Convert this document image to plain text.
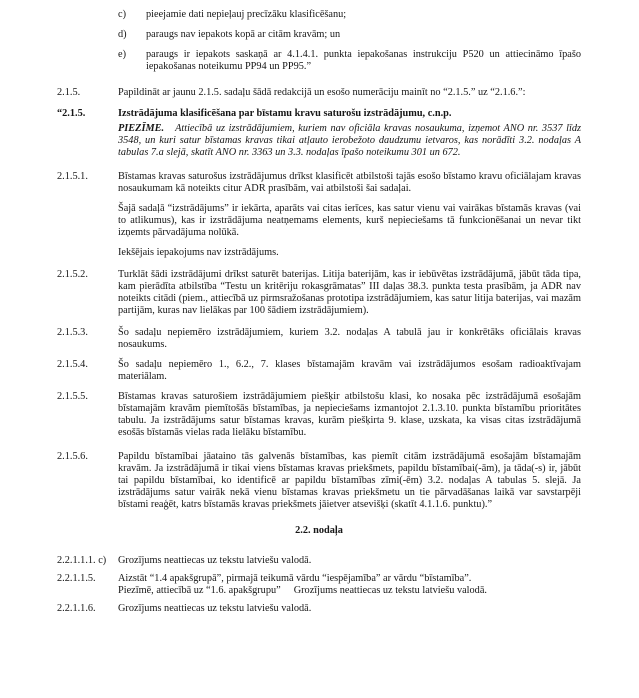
c)	pieejamie dati nepieļauj precīzāku klasificēšanu;
d)	paraugs nav iepakots kopā ar citām kravām; un
e)	paraugs ir iepakots saskaņā ar 4.1.4.1. punkta iepakošanas instrukciju P520 un attiecināmo īpašo iepakošanas noteikumu PP94 un PP95.”
2.1.5.	Papildināt ar jaunu 2.1.5. sadaļu šādā redakcijā un esošo numerāciju mainīt no “2.1.5.” uz “2.1.6.”:

“2.1.5.	Izstrādājuma klasificēšana par bīstamu kravu saturošu izstrādājumu, c.n.p.

PIEZĪME. Attiecībā uz izstrādājumiem, kuriem nav oficiāla kravas nosaukuma, izņemot ANO nr. 3537 līdz 3548, un kuri satur bīstamas kravas tikai atļauto ierobežoto daudzumu ietvaros, kas norādīti 3.2. nodaļas A tabulas 7.a slejā, skatīt ANO nr. 3363 un 3.3. nodaļas īpašo noteikumu 301 un 672.

2.1.5.1.	Bīstamas kravas saturošus izstrādājumus drīkst klasificēt atbilstoši tajās esošo bīstamo kravu oficiālajam kravas nosaukumam kā noteikts citur ADR prasībām, vai atbilstoši šai sadaļai.

Šajā sadaļā “izstrādājums” ir iekārta, aparāts vai citas ierīces, kas satur vienu vai vairākas bīstamās kravas (vai to atlikumus), kas ir izstrādājuma neatņemams elements, kurš nepieciešams tā funkcionēšanai un nevar tikt izņemts pārvadājuma nolūkā.

Iekšējais iepakojums nav izstrādājums.

2.1.5.2.	Turklāt šādi izstrādājumi drīkst saturēt baterijas. Litija baterijām, kas ir iebūvētas izstrādājumā, jābūt tāda tipa, kam pierādīta atbilstība “Testu un kritēriju rokasgrāmatas” III daļas 38.3. punkta testa prasībām, ja ADR nav noteikts citādi (piem., attiecībā uz pirmsražošanas prototipa izstrādājumiem, kas satur litija baterijas, vai mazām partijām, kuras nav lielākas par 100 šādiem izstrādājumiem).

2.1.5.3.	Šo sadaļu nepiemēro izstrādājumiem, kuriem 3.2. nodaļas A tabulā jau ir konkrētāks oficiālais kravas nosaukums.

2.1.5.4.	Šo sadaļu nepiemēro 1., 6.2., 7. klases bīstamajām kravām vai izstrādājumos esošam radioaktīvajam materiālam.

2.1.5.5.	Bīstamas kravas saturošiem izstrādājumiem piešķir atbilstošu klasi, ko nosaka pēc izstrādājumā esošajām bīstamajām kravām piemītošās bīstamības, ja nepieciešams izmantojot 2.1.3.10. punkta bīstamību prioritātes tabulu. Ja izstrādājums satur bīstamas kravas, kurām piešķirta 9. klase, uzskata, ka visas citas izstrādājumā esošās bīstamās vielas rada lielāku bīstamību.

2.1.5.6.	Papildu bīstamībai jāataino tās galvenās bīstamības, kas piemīt citām izstrādājumā esošajām bīstamajām kravām. Ja izstrādājumā ir tikai viens bīstamas kravas priekšmets, papildu bīstamībai(-ām), ja tāda(-s) ir, jābūt tai papildu bīstamībai, ko identificē ar papildu bīstamības zīmi(-ēm) 3.2. nodaļas A tabulas 5. slejā. Ja izstrādājums satur vairāk nekā vienu bīstamas kravas priekšmetu un tie pārvadāšanas laikā var savstarpēji bīstami reaģēt, katrs bīstamās kravas priekšmets jāietver atsevišķi (skatīt 4.1.1.6. punktu).”

2.2. nodaļa
2.2.1.1.1. c)	Grozījums neattiecas uz tekstu latviešu valodā.

2.2.1.1.5.	Aizstāt “1.4 apakšgrupā”, pirmajā teikumā vārdu “iespējamība” ar vārdu “bīstamība”.
Piezīmē, attiecībā uz “1.6. apakšgrupu” Grozījums neattiecas uz tekstu latviešu valodā.
2.2.1.1.6.	Grozījums neattiecas uz tekstu latviešu valodā.
